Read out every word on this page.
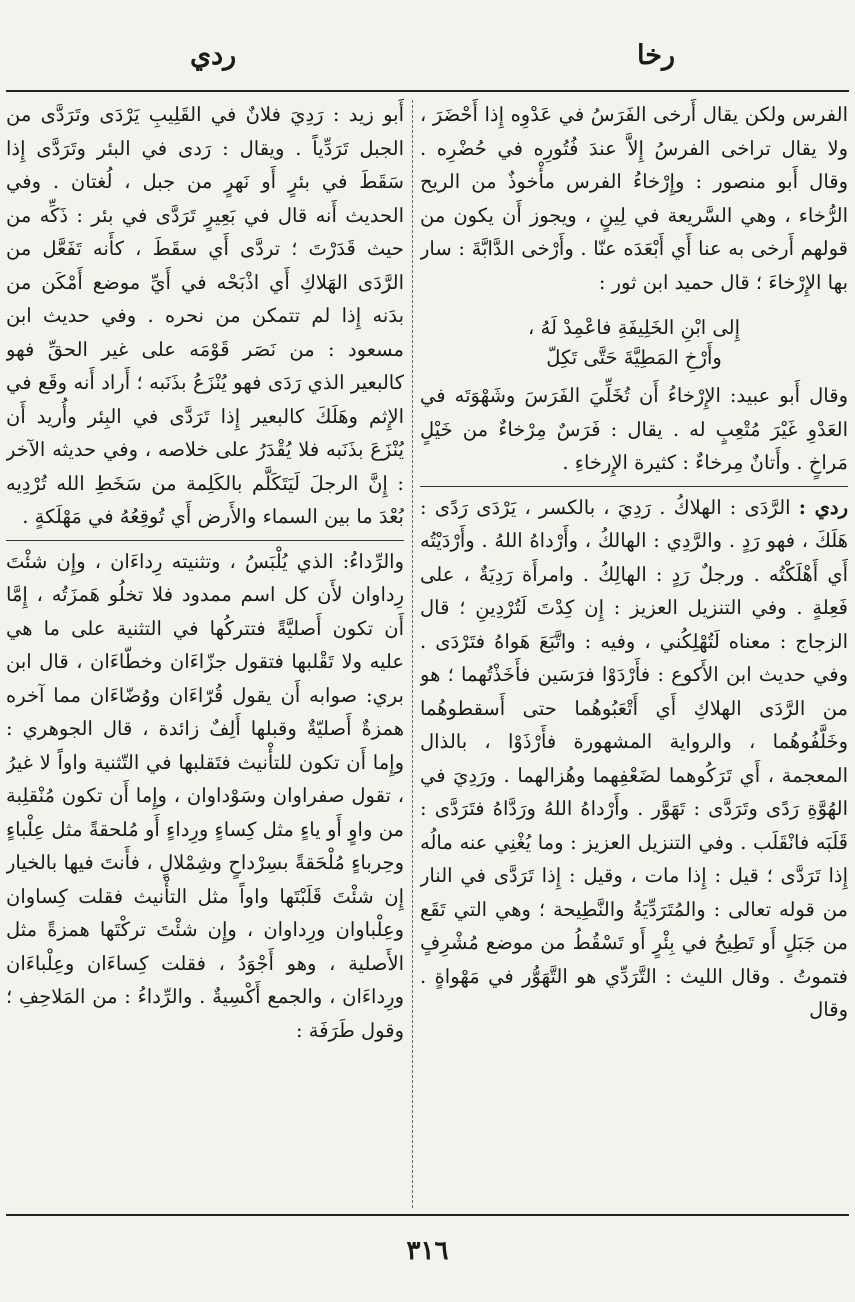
رخا
ردي

الفرس ولكن يقال أَرخى الفَرَسُ في عَدْوِه إِذا أَحْضَرَ ، ولا يقال تراخى الفرسُ إِلاَّ عندَ فُتُورِه في حُضْرِه . وقال أَبو منصور : وإِرْخاءُ الفرس مأْخوذٌ من الريح الرُّخاء ، وهي السَّريعة في لِينٍ ، ويجوز أَن يكون من قولهم أَرخى به عنا أَي أَبْعَدَه عنّا . وأَرْخى الدَّابَّةَ : سار بها الإِرْخاءَ ؛ قال حميد ابن ثور :

إِلى ابْنِ الخَلِيفَةِ فاعْمِدْ لَهُ ،
وأَرْخِ المَطِيَّةَ حَتَّى تَكِلّ

وقال أَبو عبيد: الإِرْخاءُ أَن تُخَلِّيَ الفَرَسَ وشَهْوَتَه في العَدْوِ غَيْرَ مُتْعِبٍ له . يقال : فَرَسٌ مِرْخاءٌ من خَيْلٍ مَراخٍ . وأَتانٌ مِرخاءٌ : كثيرة الإِرخاءِ .

ردي : الرَّدَى : الهلاكُ . رَدِيَ ، بالكسر ، يَرْدَى رَدًى : هَلَكَ ، فهو رَدٍ . والرَّدِي : الهالكُ ، وأَرْداهُ اللهُ . وأَرْدَيْتُه أَي أَهْلَكْتُه . ورجلٌ رَدٍ : الهالِكُ . وامرأَة رَدِيَةٌ ، على فَعِلةٍ . وفي التنزيل العزيز : إِن كِدْتَ لَتُرْدِينِ ؛ قال الزجاج : معناه لَتُهْلِكُني ، وفيه : واتَّبَعَ هَواهُ فتَرْدَى . وفي حديث ابن الأَكوع : فأَرْدَوْا فرَسَين فأَخَذْتُهما ؛ هو من الرَّدَى الهلاكِ أَي أَتْعَبُوهُما حتى أَسقطوهُما وخَلَّفُوهُما ، والرواية المشهورة فأَرْذَوْا ، بالذال المعجمة ، أَي تَرَكُوهما لضَعْفِهما وهُزالهما . ورَدِيَ في الهُوَّةِ رَدًى وتَرَدَّى : تَهَوَّر . وأَرْداهُ اللهُ ورَدَّاهُ فتَرَدَّى : قَلَبَه فانْقَلَب . وفي التنزيل العزيز : وما يُغْنِي عنه مالُه إِذا تَرَدَّى ؛ قيل : إِذا مات ، وقيل : إِذا تَرَدَّى في النار من قوله تعالى : والمُتَرَدِّيَةُ والنَّطِيحة ؛ وهي التي تَقَع من جَبَلٍ أَو تَطِيحُ في بِئْرٍ أَو تَسْقُطُ من موضع مُشْرِفٍ فتموتُ . وقال الليث : التَّرَدِّي هو التَّهَوُّر في مَهْواةٍ . وقال

أَبو زيد : رَدِيَ فلانٌ في القَلِيبِ يَرْدَى وتَرَدَّى من الجبل تَرَدِّياً . ويقال : رَدى في البئر وتَرَدَّى إِذا سَقَطَ في بئرٍ أَو نَهرٍ من جبل ، لُغتان . وفي الحديث أَنه قال في بَعِيرٍ تَرَدَّى في بئر : ذَكِّه من حيث قَدَرْتَ ؛ تردَّى أَي سقَطَ ، كأَنه تَفَعَّل من الرَّدَى الهَلاكِ أَي اذْبَحْه في أَيِّ موضع أَمْكَن من بدَنه إِذا لم تتمكن من نحره . وفي حديث ابن مسعود : من نَصَر قَوْمَه على غير الحقِّ فهو كالبعير الذي رَدَى فهو يُنْزَعُ بذَنَبه ؛ أَراد أَنه وقَع في الإِثم وهَلَكَ كالبعير إِذا تَرَدَّى في البِئر وأُريد أَن يُنْزَعَ بذَنَبه فلا يُقْدَرُ على خلاصه ، وفي حديثه الآخر : إِنَّ الرجلَ لَيَتَكَلَّم بالكَلِمة من سَخَطِ الله تُرْدِيه بُعْدَ ما بين السماء والأَرض أَي تُوقِعُهُ في مَهْلَكةٍ .

والرِّداءُ: الذي يُلْبَسُ ، وتثنيته رِداءَان ، وإِن شئْتَ رِداوان لأَن كل اسم ممدود فلا تخلُو هَمزَتُه ، إِمَّا أَن تكون أَصليَّةً فتتركُها في التثنية على ما هي عليه ولا تَقْلبها فتقول جزّاءَان وخطّاءَان ، قال ابن بري: صوابه أَن يقول قُرّاءَان ووُضّاءَان مما آخره همزةٌ أَصليّةٌ وقبلها أَلِفٌ زائدة ، قال الجوهري : وإِما أَن تكون للتأْنيث فتَقلبها في التّثنية واواً لا غيرُ ، تقول صفراوان وسَوْداوان ، وإِما أَن تكون مُنْقلِبة من واوٍ أَو ياءٍ مثل كِساءٍ ورِداءٍ أَو مُلحقةً مثل عِلْباءٍ وحِرباءٍ مُلْحَقةً بسِرْداحٍ وشِمْلالٍ ، فأَنتَ فيها بالخيار إِن شئْتَ قَلَبْتَها واواً مثل التأْنيث فقلت كِساوان وعِلْباوان ورِداوان ، وإِن شئْتَ تركْتَها همزةً مثل الأَصلية ، وهو أَجْوَدُ ، فقلت كِساءَان وعِلْباءَان ورِداءَان ، والجمع أَكْسِيةٌ . والرِّداءُ : من المَلاحِفِ ؛ وقول طَرَفَة :

٣١٦
